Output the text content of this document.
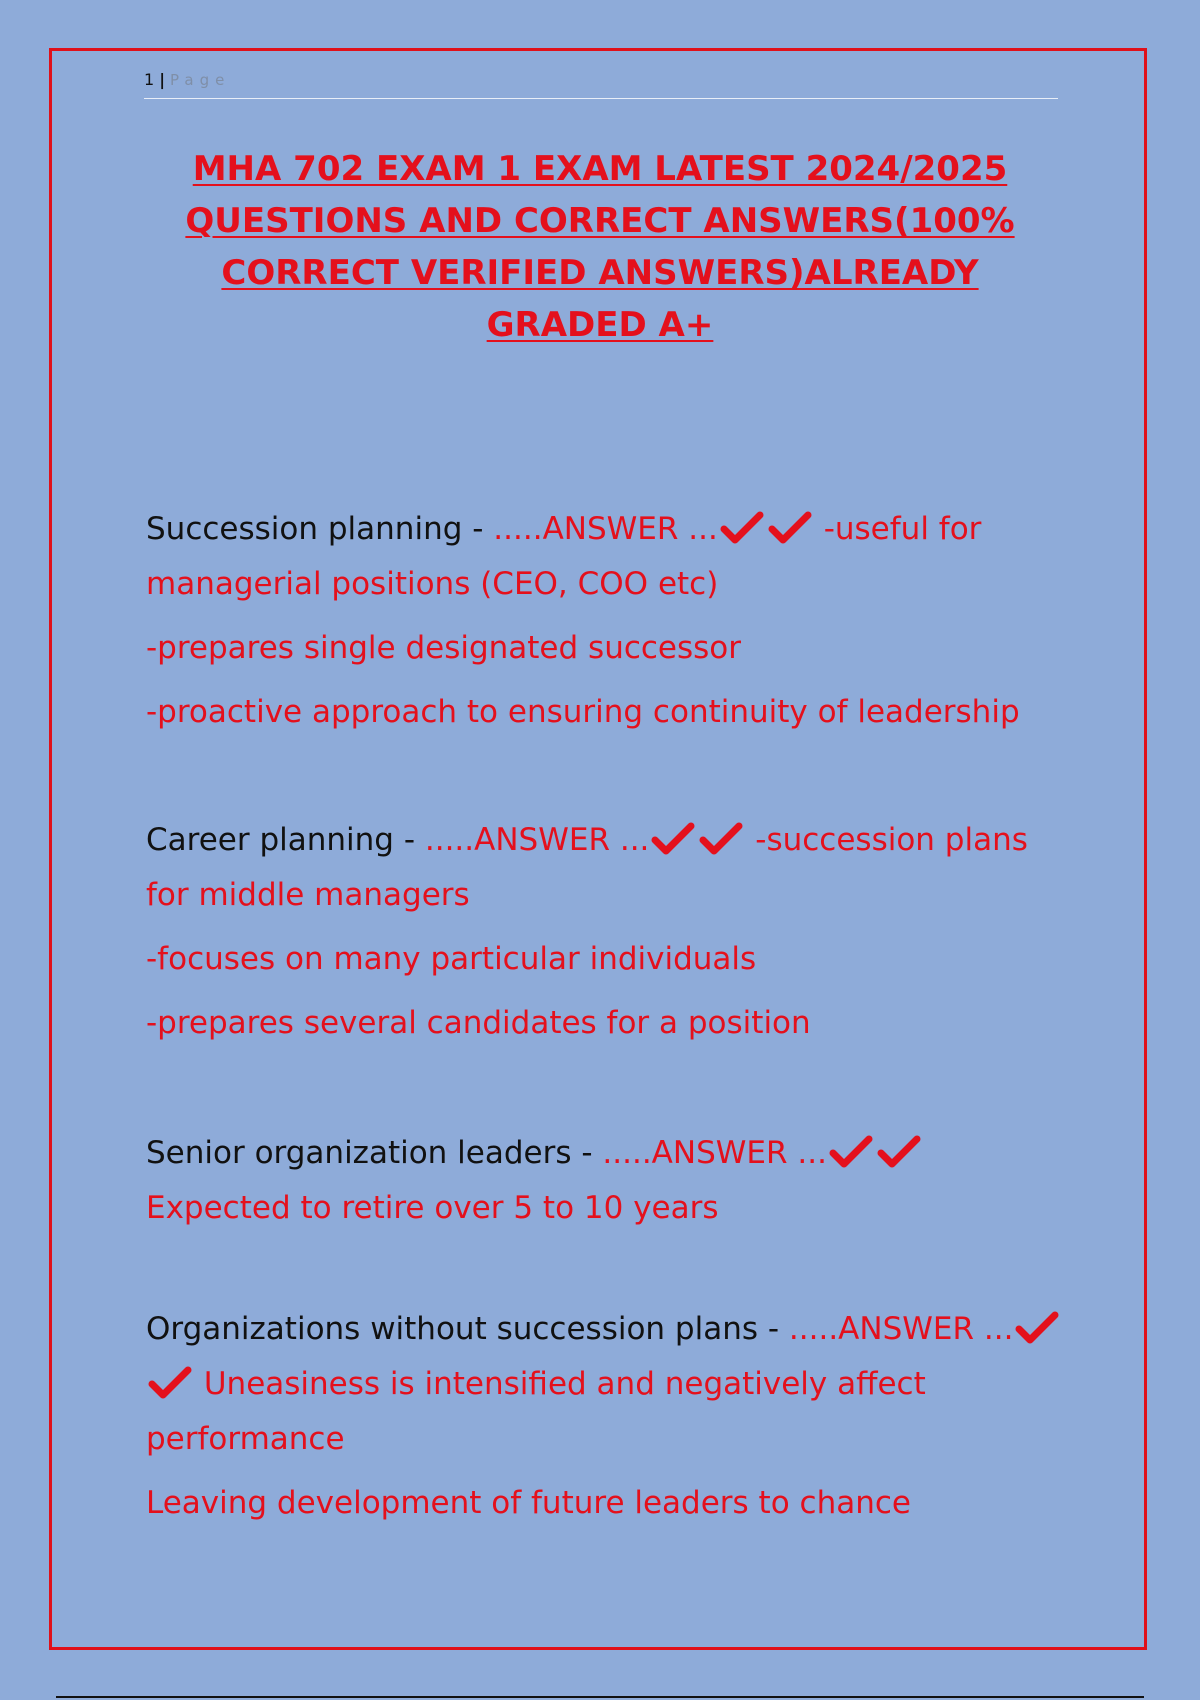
1 | Page
MHA 702 EXAM 1 EXAM LATEST 2024/2025 QUESTIONS AND CORRECT ANSWERS(100% CORRECT VERIFIED ANSWERS)ALREADY GRADED A+
Succession planning - .....ANSWER ...	-useful for managerial positions (CEO, COO etc)
-prepares single designated successor
-proactive approach to ensuring continuity of leadership
Career planning - .....ANSWER ...	-succession plans for middle managers
-focuses on many particular individuals
-prepares several candidates for a position
Senior organization leaders - .....ANSWER ... Expected to retire over 5 to 10 years
Organizations without succession plans - .....ANSWER ... Uneasiness is intensified and negatively affect performance
Leaving development of future leaders to chance
